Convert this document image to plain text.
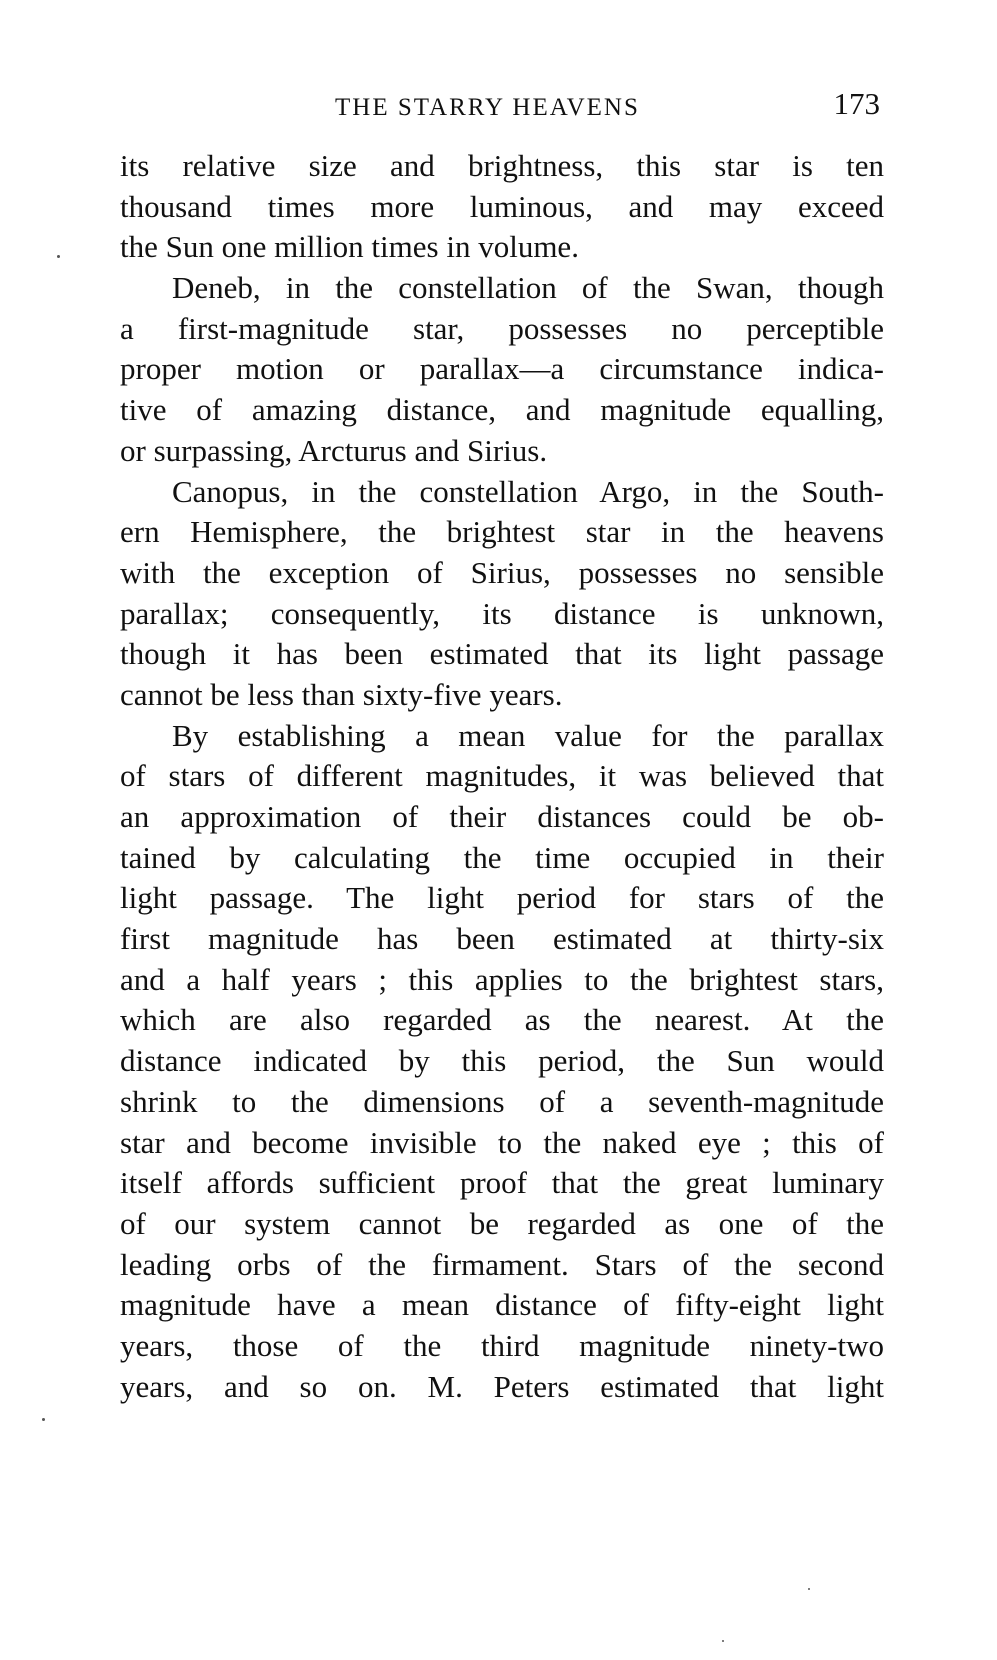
THE STARRY HEAVENS	173
its relative size and brightness, this star is ten
thousand times more luminous, and may exceed
the Sun one million times in volume.
Deneb, in the constellation of the Swan, though
a first-magnitude star, possesses no perceptible
proper motion or parallax—a circumstance indica-
tive of amazing distance, and magnitude equalling,
or surpassing, Arcturus and Sirius.
Canopus, in the constellation Argo, in the South-
ern Hemisphere, the brightest star in the heavens
with the exception of Sirius, possesses no sensible
parallax; consequently, its distance is unknown,
though it has been estimated that its light passage
cannot be less than sixty-five years.
By establishing a mean value for the parallax
of stars of different magnitudes, it was believed that
an approximation of their distances could be ob-
tained by calculating the time occupied in their
light passage. The light period for stars of the
first magnitude has been estimated at thirty-six
and a half years ; this applies to the brightest stars,
which are also regarded as the nearest. At the
distance indicated by this period, the Sun would
shrink to the dimensions of a seventh-magnitude
star and become invisible to the naked eye ; this of
itself affords sufficient proof that the great luminary
of our system cannot be regarded as one of the
leading orbs of the firmament. Stars of the second
magnitude have a mean distance of fifty-eight light
years, those of the third magnitude ninety-two
years, and so on. M. Peters estimated that light
